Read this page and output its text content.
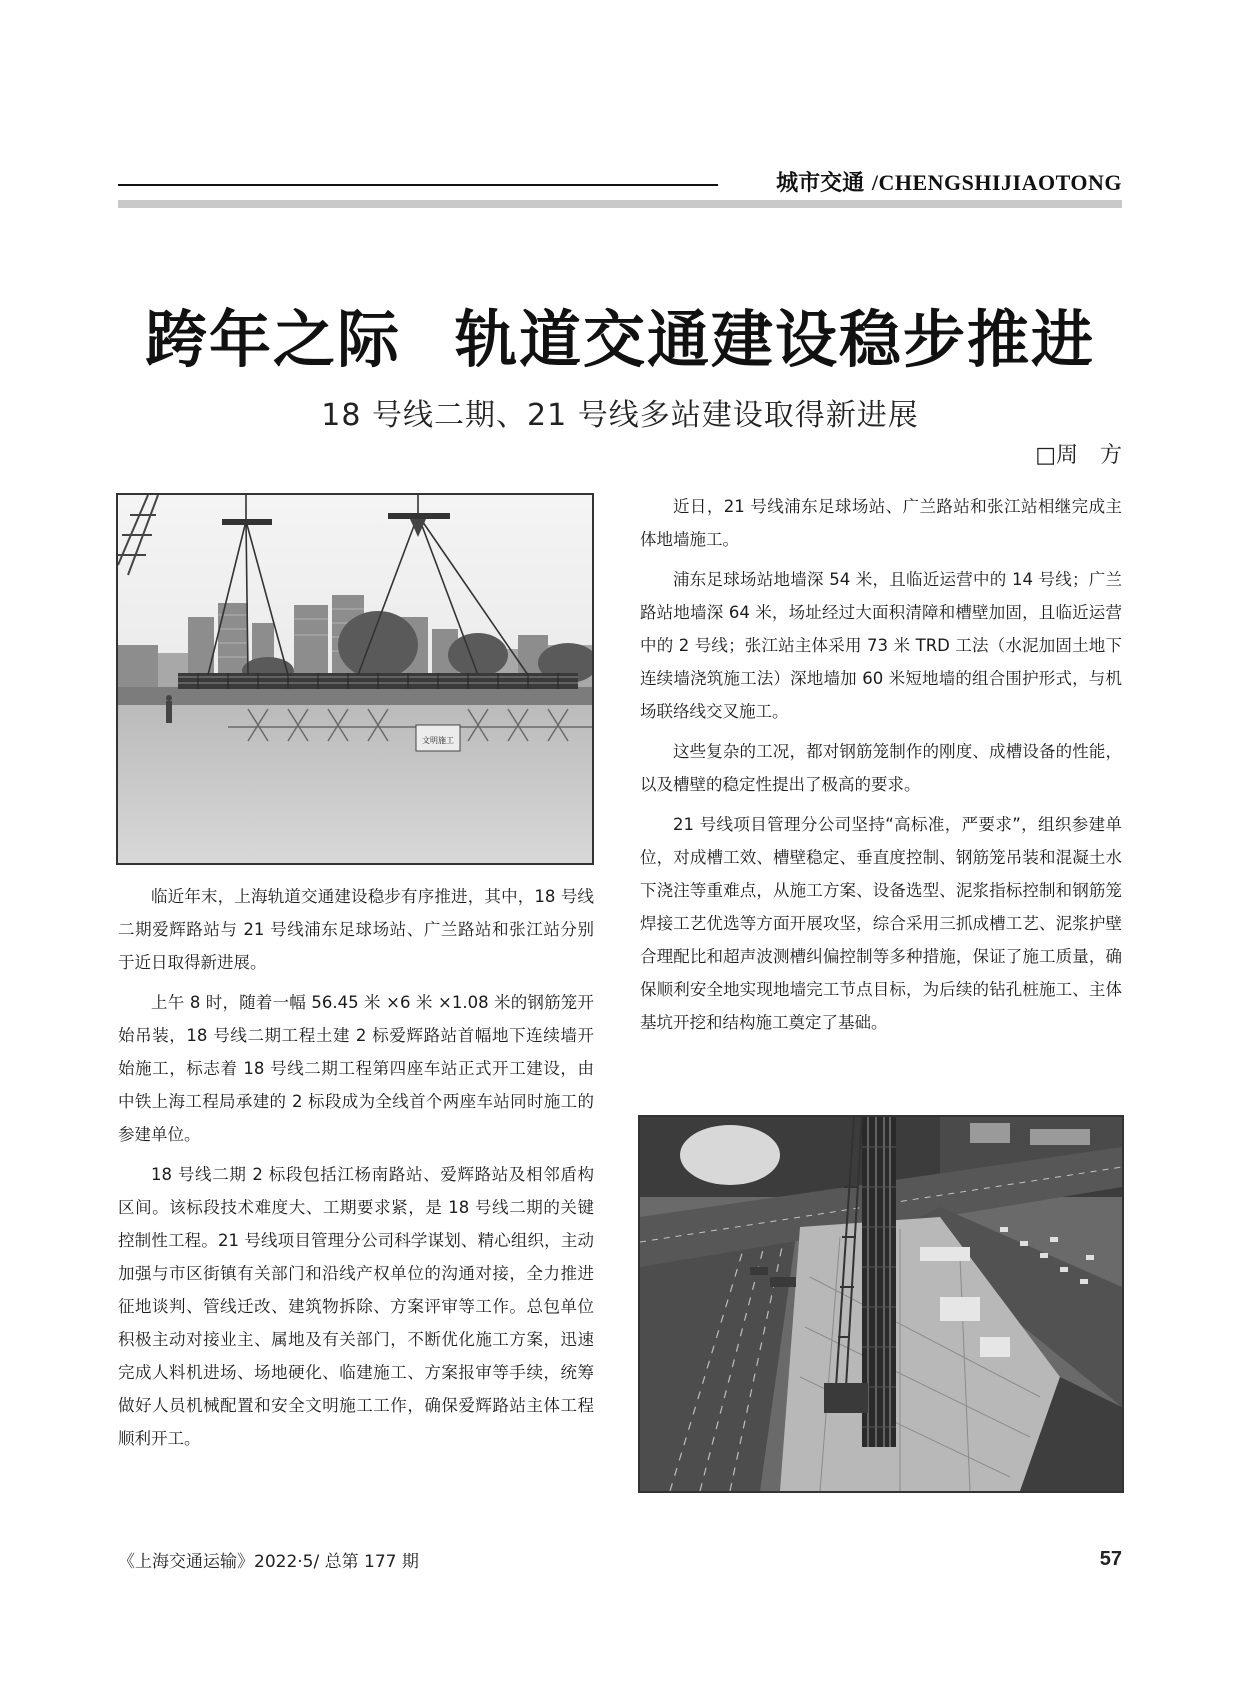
城市交通 /CHENGSHIJIAOTONG
跨年之际 轨道交通建设稳步推进
18 号线二期、21 号线多站建设取得新进展
□周　方
文明施工

近日，21 号线浦东足球场站、广兰路站和张江站相继完成主体地墙施工。

浦东足球场站地墙深 54 米，且临近运营中的 14 号线；广兰路站地墙深 64 米，场址经过大面积清障和槽壁加固，且临近运营中的 2 号线；张江站主体采用 73 米 TRD 工法（水泥加固土地下连续墙浇筑施工法）深地墙加 60 米短地墙的组合围护形式，与机场联络线交叉施工。

这些复杂的工况，都对钢筋笼制作的刚度、成槽设备的性能，以及槽壁的稳定性提出了极高的要求。

21 号线项目管理分公司坚持“高标准，严要求”，组织参建单位，对成槽工效、槽壁稳定、垂直度控制、钢筋笼吊装和混凝土水下浇注等重难点，从施工方案、设备选型、泥浆指标控制和钢筋笼焊接工艺优选等方面开展攻坚，综合采用三抓成槽工艺、泥浆护壁合理配比和超声波测槽纠偏控制等多种措施，保证了施工质量，确保顺利安全地实现地墙完工节点目标，为后续的钻孔桩施工、主体基坑开挖和结构施工奠定了基础。

临近年末，上海轨道交通建设稳步有序推进，其中，18 号线二期爱辉路站与 21 号线浦东足球场站、广兰路站和张江站分别于近日取得新进展。

上午 8 时，随着一幅 56.45 米 ×6 米 ×1.08 米的钢筋笼开始吊装，18 号线二期工程土建 2 标爱辉路站首幅地下连续墙开始施工，标志着 18 号线二期工程第四座车站正式开工建设，由中铁上海工程局承建的 2 标段成为全线首个两座车站同时施工的参建单位。

18 号线二期 2 标段包括江杨南路站、爱辉路站及相邻盾构区间。该标段技术难度大、工期要求紧，是 18 号线二期的关键控制性工程。21 号线项目管理分公司科学谋划、精心组织，主动加强与市区街镇有关部门和沿线产权单位的沟通对接，全力推进征地谈判、管线迁改、建筑物拆除、方案评审等工作。总包单位积极主动对接业主、属地及有关部门，不断优化施工方案，迅速完成人料机进场、场地硬化、临建施工、方案报审等手续，统筹做好人员机械配置和安全文明施工工作，确保爱辉路站主体工程顺利开工。

《上海交通运输》2022·5/ 总第 177 期	57
